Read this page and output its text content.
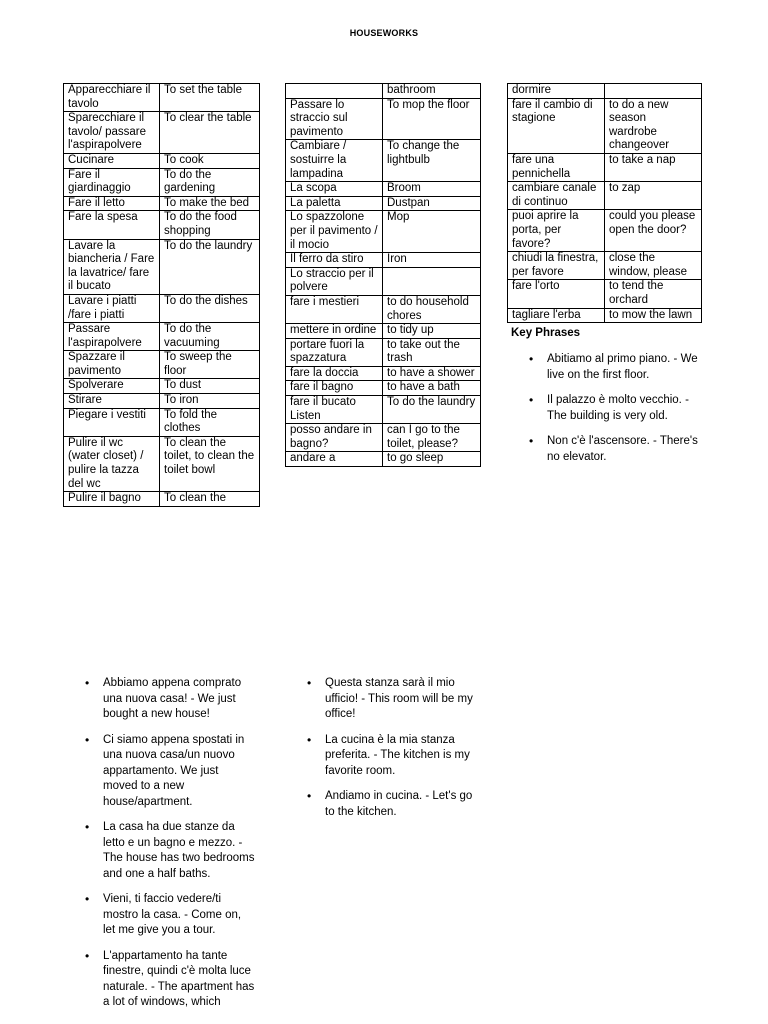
HOUSEWORKS
Apparecchiare il tavolo	To set the table
Sparecchiare il tavolo/ passare l'aspirapolvere	To clear the table
Cucinare	To cook
Fare il giardinaggio	To do the gardening
Fare il letto	To make the bed
Fare la spesa	To do the food shopping
Lavare la biancheria / Fare la lavatrice/ fare il bucato	To do the laundry
Lavare i piatti /fare i piatti	To do the dishes
Passare l'aspirapolvere	To do the vacuuming
Spazzare il pavimento	To sweep the floor
Spolverare	To dust
Stirare	To iron
Piegare i vestiti	To fold the clothes
Pulire il wc (water closet) / pulire la tazza del wc	To clean the toilet, to clean the toilet bowl
Pulire il bagno	To clean the
	bathroom
Passare lo straccio sul pavimento	To mop the floor
Cambiare / sostuirre la lampadina	To change the lightbulb
La scopa	Broom
La paletta	Dustpan
Lo spazzolone per il pavimento / il mocio	Mop
Il ferro da stiro	Iron
Lo straccio per il polvere	
fare i mestieri	to do household chores
mettere in ordine	to tidy up
portare fuori la spazzatura	to take out the trash
fare la doccia	to have a shower
fare il bagno	to have a bath
fare il bucato Listen	To do the laundry
posso andare in bagno?	can I go to the toilet, please?
andare a	to go sleep
dormire	
fare il cambio di stagione	to do a new season wardrobe changeover
fare una pennichella	to take a nap
cambiare canale di continuo	to zap
puoi aprire la porta, per favore?	could you please open the door?
chiudi la finestra, per favore	close the window, please
fare l'orto	to tend the orchard
tagliare l'erba	to mow the lawn
Key Phrases
• Abitiamo al primo piano. - We live on the first floor.
• Il palazzo è molto vecchio. - The building is very old.
• Non c'è l'ascensore. - There's no elevator.
• Abbiamo appena comprato una nuova casa! - We just bought a new house!
• Ci siamo appena spostati in una nuova casa/un nuovo appartamento. We just moved to a new house/apartment.
• La casa ha due stanze da letto e un bagno e mezzo. - The house has two bedrooms and one a half baths.
• Vieni, ti faccio vedere/ti mostro la casa. - Come on, let me give you a tour.
• L'appartamento ha tante finestre, quindi c'è molta luce naturale. - The apartment has a lot of windows, which
• Questa stanza sarà il mio ufficio! - This room will be my office!
• La cucina è la mia stanza preferita. - The kitchen is my favorite room.
• Andiamo in cucina. - Let's go to the kitchen.
